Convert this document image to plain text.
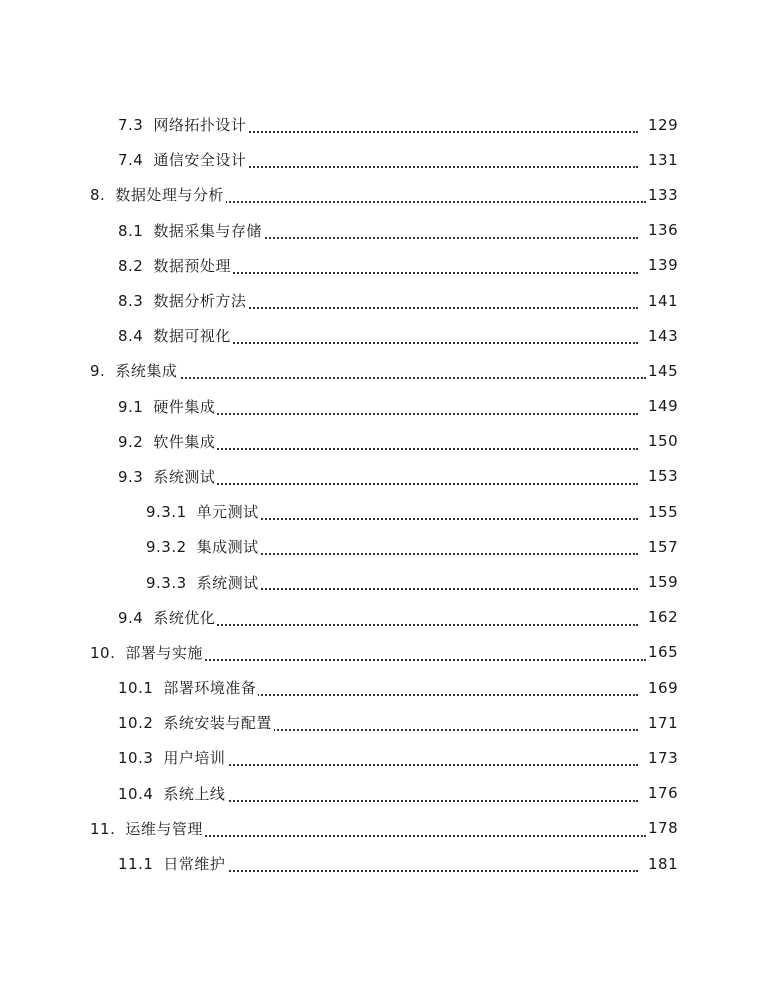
7.3 网络拓扑设计	129
7.4 通信安全设计	131
8. 数据处理与分析	133
8.1 数据采集与存储	136
8.2 数据预处理	139
8.3 数据分析方法	141
8.4 数据可视化	143
9. 系统集成	145
9.1 硬件集成	149
9.2 软件集成	150
9.3 系统测试	153
9.3.1 单元测试	155
9.3.2 集成测试	157
9.3.3 系统测试	159
9.4 系统优化	162
10. 部署与实施	165
10.1 部署环境准备	169
10.2 系统安装与配置	171
10.3 用户培训	173
10.4 系统上线	176
11. 运维与管理	178
11.1 日常维护	181
